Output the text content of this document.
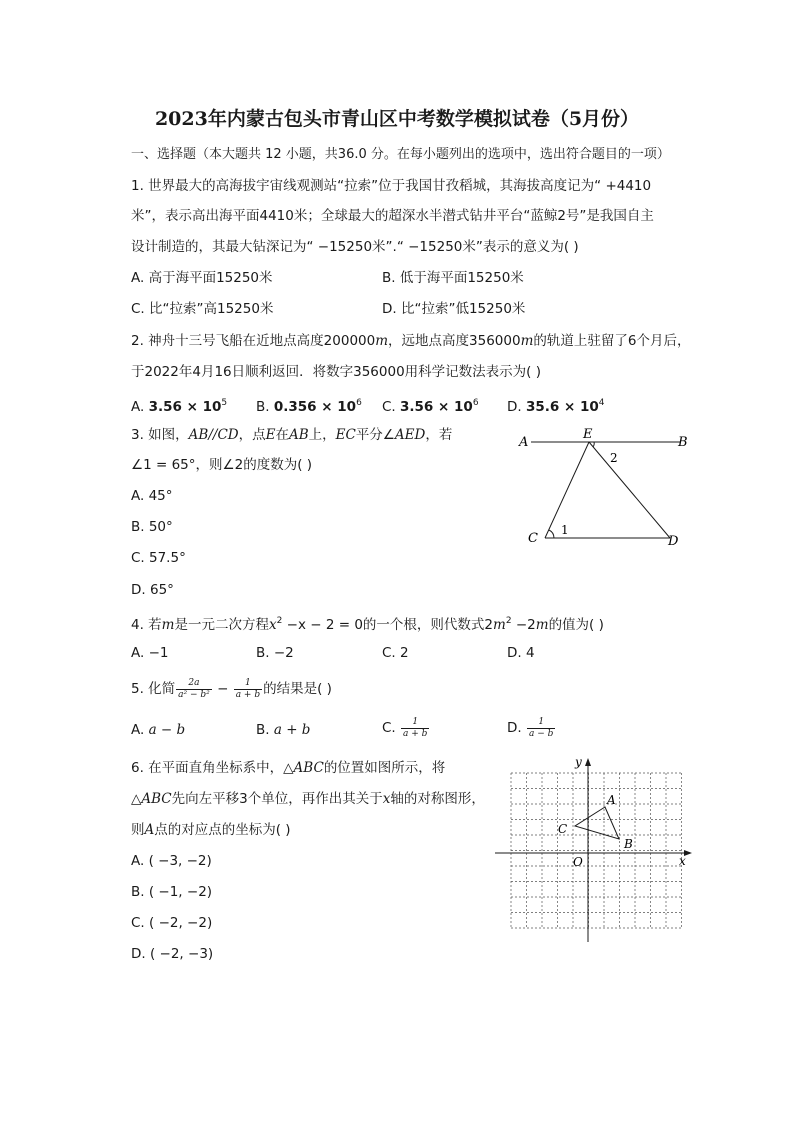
2023年内蒙古包头市青山区中考数学模拟试卷（5月份）
一、选择题（本大题共 12 小题，共36.0 分。在每小题列出的选项中，选出符合题目的一项）
1. 世界最大的高海拔宇宙线观测站“拉索”位于我国甘孜稻城，其海拔高度记为“ +4410
米”，表示高出海平面4410米；全球最大的超深水半潜式钻井平台“蓝鲸2号”是我国自主
设计制造的，其最大钻深记为“ −15250米”.“ −15250米”表示的意义为( )
A. 高于海平面15250米	B. 低于海平面15250米
C. 比“拉索”高15250米	D. 比“拉索”低15250米
2. 神舟十三号飞船在近地点高度200000m，远地点高度356000m的轨道上驻留了6个月后，
于2022年4月16日顺利返回．将数字356000用科学记数法表示为( )
A. $3.56 \times 10^5$ B. $0.356 \times 10^6$ C. $3.56 \times 10^6$ D. $35.6 \times 10^4$
3. 如图，AB//CD，点E在AB上，EC平分∠AED，若
∠1 = 65°，则∠2的度数为( )
A. 45°
B. 50°
C. 57.5°
D. 65°
A
E
B
2
C
1
D
4. 若m是一元二次方程$x^2 -x - 2 = 0$的一个根，则代数式$2m^2 -2m$的值为( )
A. −1	B. −2	C. 2	D. 4
5. 化简 $\frac{2a}{\text{a² − b²}} - \frac{1}{a + b}$ 的结果是( )
A. a − b	B. a + b	C. $\frac{1}{a + b}$	D. $\frac{1}{a - b}$
6. 在平面直角坐标系中，△ABC的位置如图所示，将
△ABC先向左平移3个单位，再作出其关于x轴的对称图形，
则A点的对应点的坐标为( )
A. ( −3, −2)
B. ( −1, −2)
C. ( −2, −2)
D. ( −2, −3)
y
x
O
A
B
C
